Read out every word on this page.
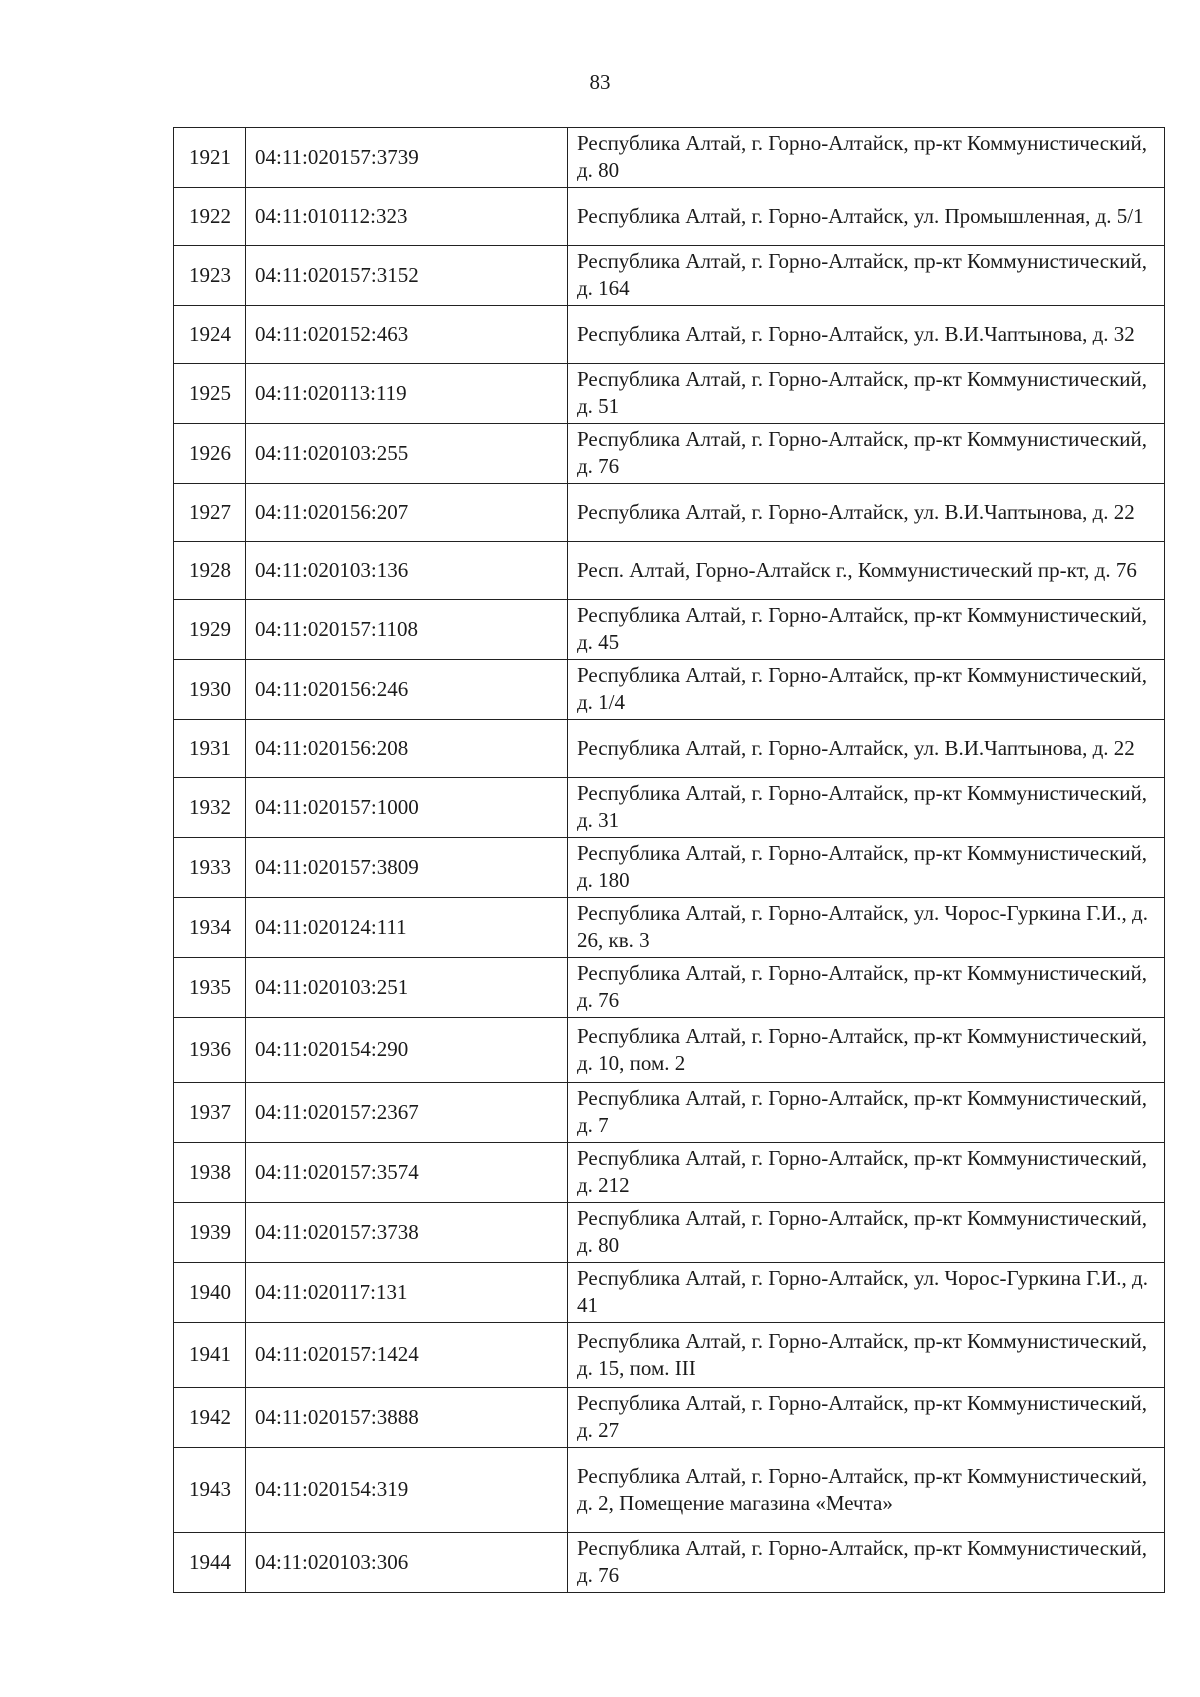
83
1921	04:11:020157:3739	Республика Алтай, г. Горно-Алтайск, пр-кт Коммунистический, д. 80
1922	04:11:010112:323	Республика Алтай, г. Горно-Алтайск, ул. Промышленная, д. 5/1
1923	04:11:020157:3152	Республика Алтай, г. Горно-Алтайск, пр-кт Коммунистический, д. 164
1924	04:11:020152:463	Республика Алтай, г. Горно-Алтайск, ул. В.И.Чаптынова, д. 32
1925	04:11:020113:119	Республика Алтай, г. Горно-Алтайск, пр-кт Коммунистический, д. 51
1926	04:11:020103:255	Республика Алтай, г. Горно-Алтайск, пр-кт Коммунистический, д. 76
1927	04:11:020156:207	Республика Алтай, г. Горно-Алтайск, ул. В.И.Чаптынова, д. 22
1928	04:11:020103:136	Респ. Алтай, Горно-Алтайск г., Коммунистический пр-кт, д. 76
1929	04:11:020157:1108	Республика Алтай, г. Горно-Алтайск, пр-кт Коммунистический, д. 45
1930	04:11:020156:246	Республика Алтай, г. Горно-Алтайск, пр-кт Коммунистический, д. 1/4
1931	04:11:020156:208	Республика Алтай, г. Горно-Алтайск, ул. В.И.Чаптынова, д. 22
1932	04:11:020157:1000	Республика Алтай, г. Горно-Алтайск, пр-кт Коммунистический, д. 31
1933	04:11:020157:3809	Республика Алтай, г. Горно-Алтайск, пр-кт Коммунистический, д. 180
1934	04:11:020124:111	Республика Алтай, г. Горно-Алтайск, ул. Чорос-Гуркина Г.И., д. 26, кв. 3
1935	04:11:020103:251	Республика Алтай, г. Горно-Алтайск, пр-кт Коммунистический, д. 76
1936	04:11:020154:290	Республика Алтай, г. Горно-Алтайск, пр-кт Коммунистический, д. 10, пом. 2
1937	04:11:020157:2367	Республика Алтай, г. Горно-Алтайск, пр-кт Коммунистический, д. 7
1938	04:11:020157:3574	Республика Алтай, г. Горно-Алтайск, пр-кт Коммунистический, д. 212
1939	04:11:020157:3738	Республика Алтай, г. Горно-Алтайск, пр-кт Коммунистический, д. 80
1940	04:11:020117:131	Республика Алтай, г. Горно-Алтайск, ул. Чорос-Гуркина Г.И., д. 41
1941	04:11:020157:1424	Республика Алтай, г. Горно-Алтайск, пр-кт Коммунистический, д. 15, пом. III
1942	04:11:020157:3888	Республика Алтай, г. Горно-Алтайск, пр-кт Коммунистический, д. 27
1943	04:11:020154:319	Республика Алтай, г. Горно-Алтайск, пр-кт Коммунистический, д. 2, Помещение магазина «Мечта»
1944	04:11:020103:306	Республика Алтай, г. Горно-Алтайск, пр-кт Коммунистический, д. 76
